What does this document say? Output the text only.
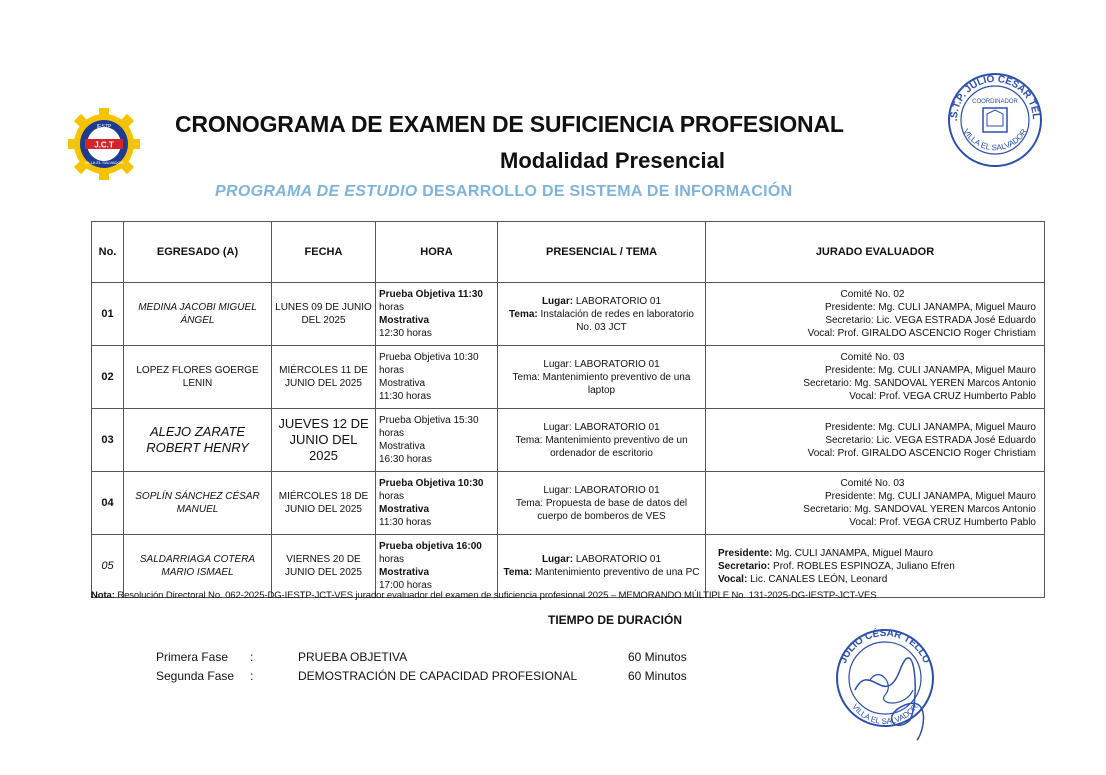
J.C.T
IESTP
VILLA EL SALVADOR
CRONOGRAMA DE EXAMEN DE SUFICIENCIA PROFESIONAL
Modalidad Presencial
PROGRAMA DE ESTUDIO DESARROLLO DE SISTEMA DE INFORMACIÓN
.S.T.P. JULIO CÉSAR TEL
VILLA EL SALVADOR
COORDINADOR
No.	EGRESADO (A)	FECHA	HORA	PRESENCIAL / TEMA	JURADO EVALUADOR
01	MEDINA JACOBI MIGUEL ÁNGEL	LUNES 09 DE JUNIO DEL 2025	Prueba Objetiva 11:30
horas
Mostrativa
12:30 horas	Lugar: LABORATORIO 01
Tema: Instalación de redes en laboratorio No. 03 JCT	Comité No. 02
Presidente: Mg. CULI JANAMPA, Miguel Mauro
Secretario: Lic. VEGA ESTRADA José Eduardo
Vocal: Prof. GIRALDO ASCENCIO Roger Christiam

02	LOPEZ FLORES GOERGE LENIN	MIÉRCOLES 11 DE JUNIO DEL 2025	Prueba Objetiva 10:30
horas
Mostrativa
11:30 horas	Lugar: LABORATORIO 01
Tema: Mantenimiento preventivo de una laptop	Comité No. 03
Presidente: Mg. CULI JANAMPA, Miguel Mauro
Secretario: Mg. SANDOVAL YEREN Marcos Antonio
Vocal: Prof. VEGA CRUZ Humberto Pablo

03	ALEJO ZARATE ROBERT HENRY	JUEVES 12 DE JUNIO DEL 2025	Prueba Objetiva 15:30
horas
Mostrativa
16:30 horas	Lugar: LABORATORIO 01
Tema: Mantenimiento preventivo de un ordenador de escritorio	Presidente: Mg. CULI JANAMPA, Miguel Mauro
Secretario: Lic. VEGA ESTRADA José Eduardo
Vocal: Prof. GIRALDO ASCENCIO Roger Christiam

04	SOPLÍN SÁNCHEZ CÉSAR MANUEL	MIÉRCOLES 18 DE JUNIO DEL 2025	Prueba Objetiva 10:30
horas
Mostrativa
11:30 horas	Lugar: LABORATORIO 01
Tema: Propuesta de base de datos del cuerpo de bomberos de VES	Comité No. 03
Presidente: Mg. CULI JANAMPA, Miguel Mauro
Secretario: Mg. SANDOVAL YEREN Marcos Antonio
Vocal: Prof. VEGA CRUZ Humberto Pablo

05	SALDARRIAGA COTERA MARIO ISMAEL	VIERNES 20 DE JUNIO DEL 2025	Prueba objetiva 16:00
horas
Mostrativa
17:00 horas	Lugar: LABORATORIO 01
Tema: Mantenimiento preventivo de una PC	Presidente: Mg. CULI JANAMPA, Miguel Mauro
Secretario: Prof. ROBLES ESPINOZA, Juliano Efren
Vocal: Lic. CANALES LEÓN, Leonard
Nota: Resolución Directoral No. 062-2025-DG-IESTP-JCT-VES jurador evaluador del examen de suficiencia profesional 2025 – MEMORANDO MÚLTIPLE No. 131-2025-DG-IESTP-JCT-VES
TIEMPO DE DURACIÓN
Primera Fase :	PRUEBA OBJETIVA	60 Minutos
Segunda Fase :	DEMOSTRACIÓN DE CAPACIDAD PROFESIONAL	60 Minutos
JULIO CÉSAR TELLO
VILLA EL SALVADOR
